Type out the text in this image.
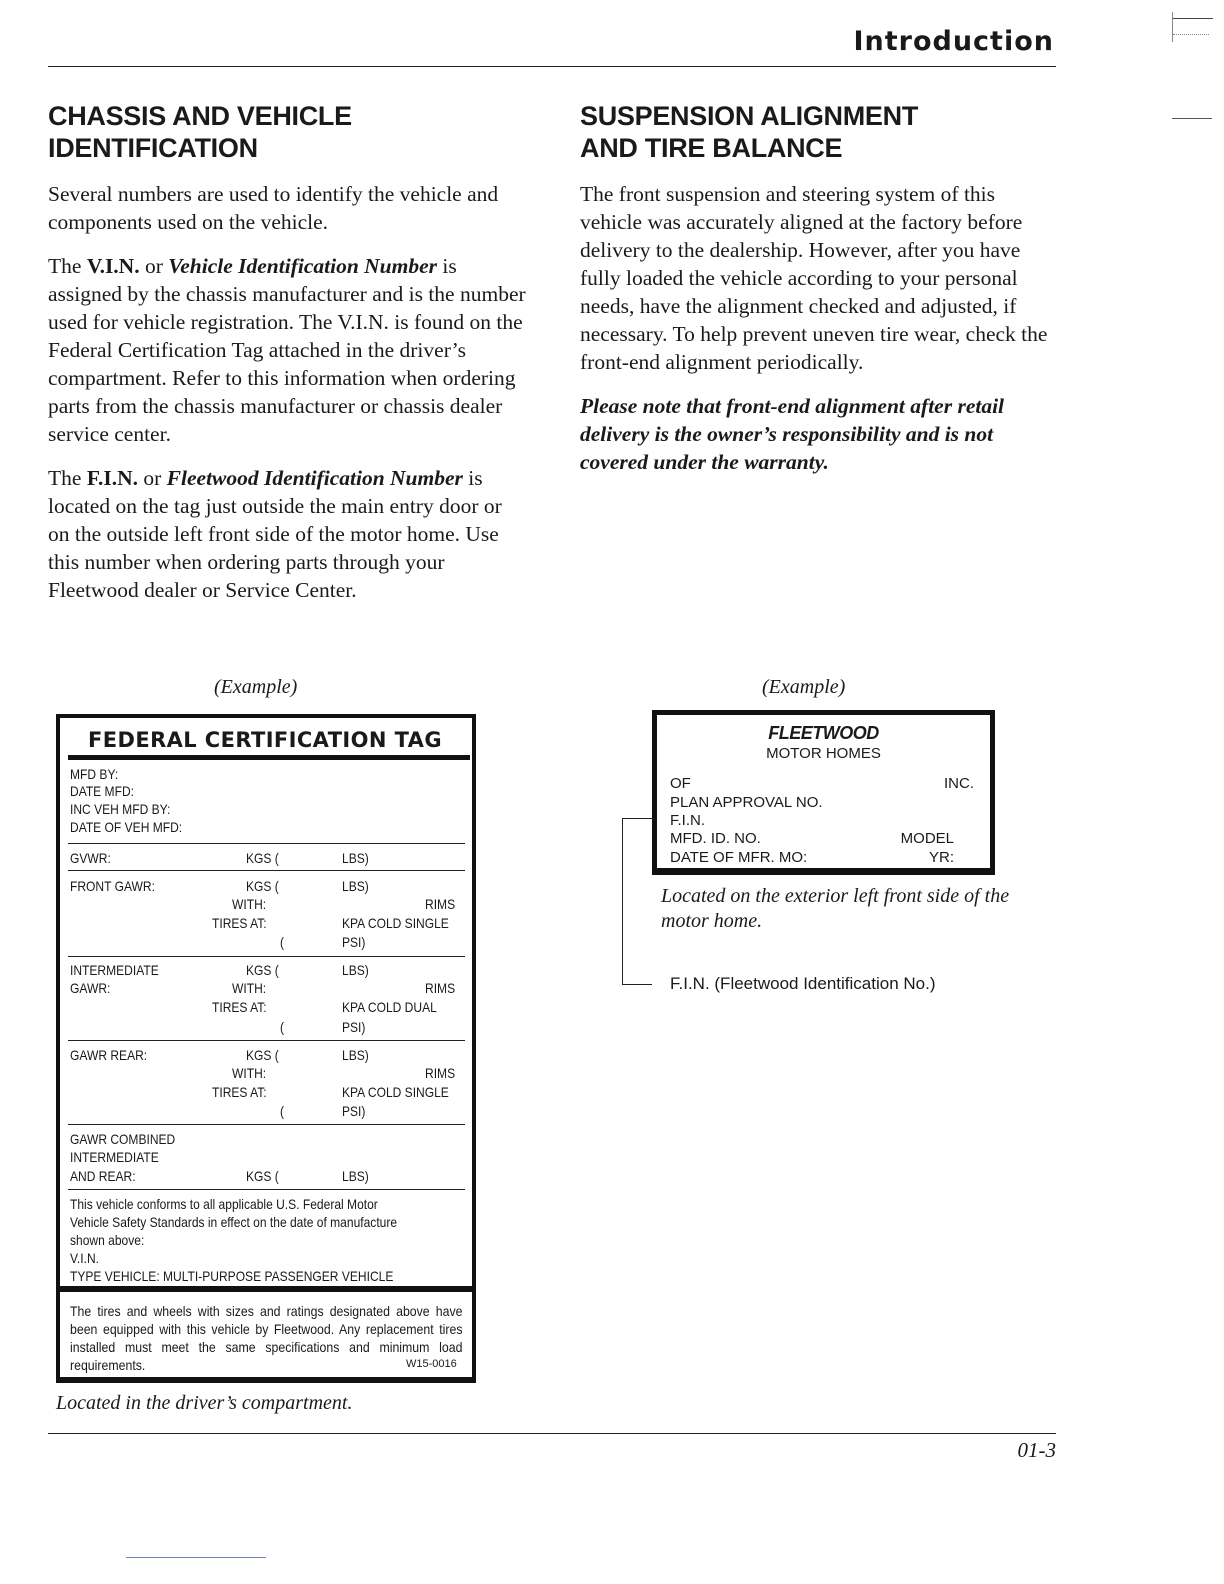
Introduction
CHASSIS AND VEHICLE
IDENTIFICATION

Several numbers are used to identify the vehicle and components used on the vehicle.

The V.I.N. or Vehicle Identification Number is assigned by the chassis manufacturer and is the number used for vehicle registration. The V.I.N. is found on the Federal Certification Tag attached in the driver’s compartment. Refer to this information when ordering parts from the chassis manufacturer or chassis dealer service center.

The F.I.N. or Fleetwood Identification Number is located on the tag just outside the main entry door or on the outside left front side of the motor home. Use this number when ordering parts through your Fleetwood dealer or Service Center.

SUSPENSION ALIGNMENT
AND TIRE BALANCE

The front suspension and steering system of this vehicle was accurately aligned at the factory before delivery to the dealership. However, after you have fully loaded the vehicle according to your personal needs, have the alignment checked and adjusted, if necessary. To help prevent uneven tire wear, check the front-end alignment periodically.

Please note that front-end alignment after retail delivery is the owner’s responsibility and is not covered under the warranty.

(Example)	(Example)
FEDERAL CERTIFICATION TAG
MFD BY:
DATE MFD:
INC VEH MFD BY:
DATE OF VEH MFD:
GVWR:	KGS (	LBS)
FRONT GAWR:	KGS (	LBS)
WITH:	RIMS
TIRES AT:	KPA COLD SINGLE
(	PSI)
INTERMEDIATE	KGS (	LBS)
GAWR:	WITH:	RIMS
TIRES AT:	KPA COLD DUAL
(	PSI)
GAWR REAR:	KGS (	LBS)
WITH:	RIMS
TIRES AT:	KPA COLD SINGLE
(	PSI)
GAWR COMBINED
INTERMEDIATE
AND REAR:	KGS (	LBS)
This vehicle conforms to all applicable U.S. Federal Motor
Vehicle Safety Standards in effect on the date of manufacture
shown above:
V.I.N.
TYPE VEHICLE: MULTI-PURPOSE PASSENGER VEHICLE
The tires and wheels with sizes and ratings designated above have been equipped with this vehicle by Fleetwood. Any replacement tires installed must meet the same specifications and minimum load requirements.	W15-0016
FLEETWOOD
MOTOR HOMES
OF	INC.
PLAN APPROVAL NO.
F.I.N.
MFD. ID. NO.	MODEL
DATE OF MFR. MO:	YR:
F.I.N. (Fleetwood Identification No.)
Located on the exterior left front side of the motor home.
Located in the driver’s compartment.
01-3
